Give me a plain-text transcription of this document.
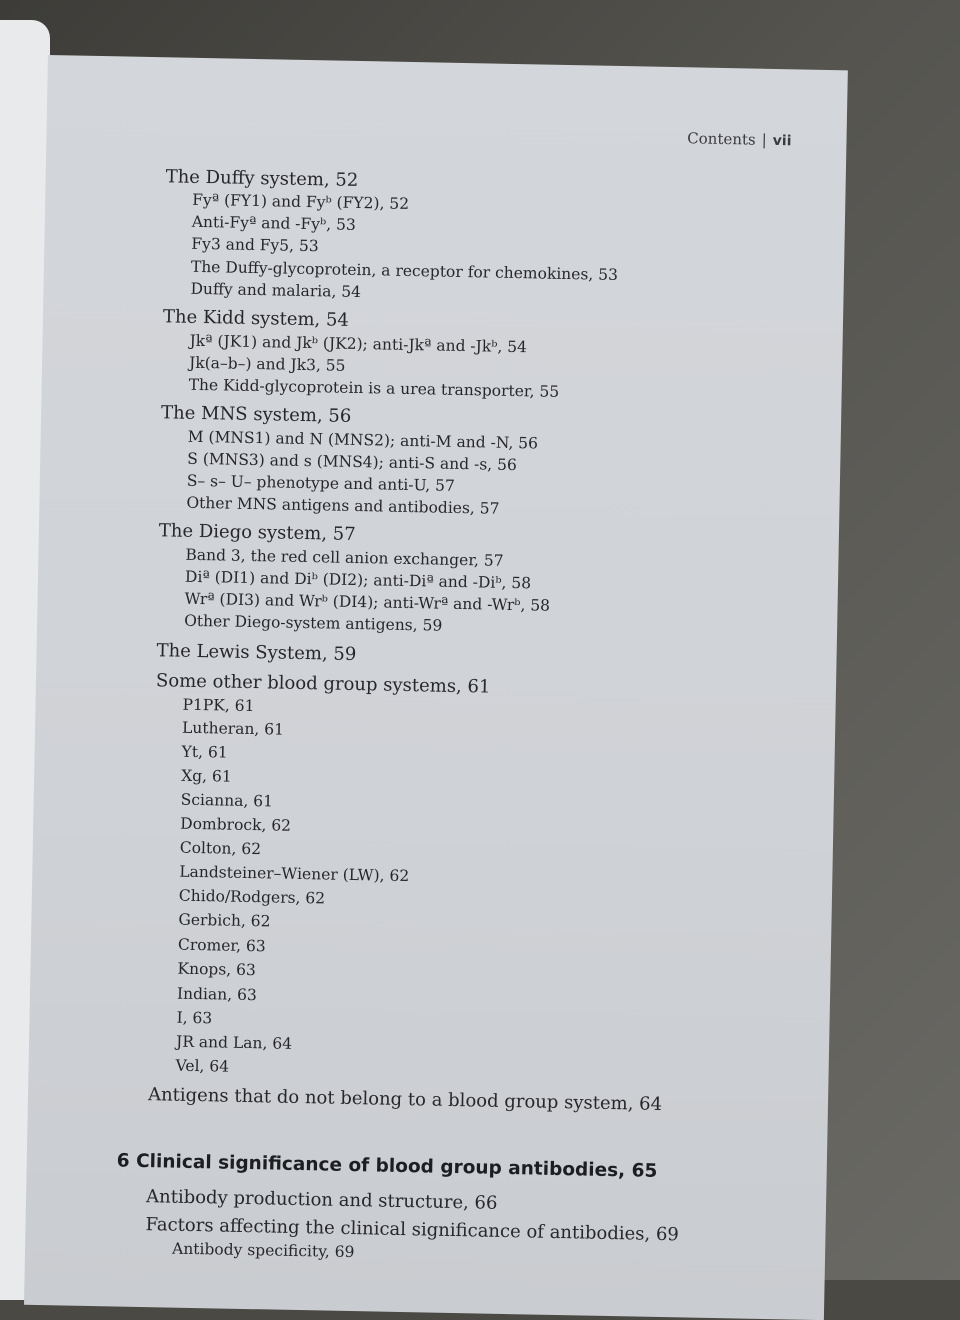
Contents | vii
The Duffy system, 52
Fyª (FY1) and Fyᵇ (FY2), 52
Anti-Fyª and -Fyᵇ, 53
Fy3 and Fy5, 53
The Duffy-glycoprotein, a receptor for chemokines, 53
Duffy and malaria, 54
The Kidd system, 54
Jkª (JK1) and Jkᵇ (JK2); anti-Jkª and -Jkᵇ, 54
Jk(a–b–) and Jk3, 55
The Kidd-glycoprotein is a urea transporter, 55
The MNS system, 56
M (MNS1) and N (MNS2); anti-M and -N, 56
S (MNS3) and s (MNS4); anti-S and -s, 56
S– s– U– phenotype and anti-U, 57
Other MNS antigens and antibodies, 57
The Diego system, 57
Band 3, the red cell anion exchanger, 57
Diª (DI1) and Diᵇ (DI2); anti-Diª and -Diᵇ, 58
Wrª (DI3) and Wrᵇ (DI4); anti-Wrª and -Wrᵇ, 58
Other Diego-system antigens, 59
The Lewis System, 59
Some other blood group systems, 61
P1PK, 61
Lutheran, 61
Yt, 61
Xg, 61
Scianna, 61
Dombrock, 62
Colton, 62
Landsteiner–Wiener (LW), 62
Chido/Rodgers, 62
Gerbich, 62
Cromer, 63
Knops, 63
Indian, 63
I, 63
JR and Lan, 64
Vel, 64
Antigens that do not belong to a blood group system, 64
6 Clinical significance of blood group antibodies, 65
Antibody production and structure, 66
Factors affecting the clinical significance of antibodies, 69
Antibody specificity, 69
